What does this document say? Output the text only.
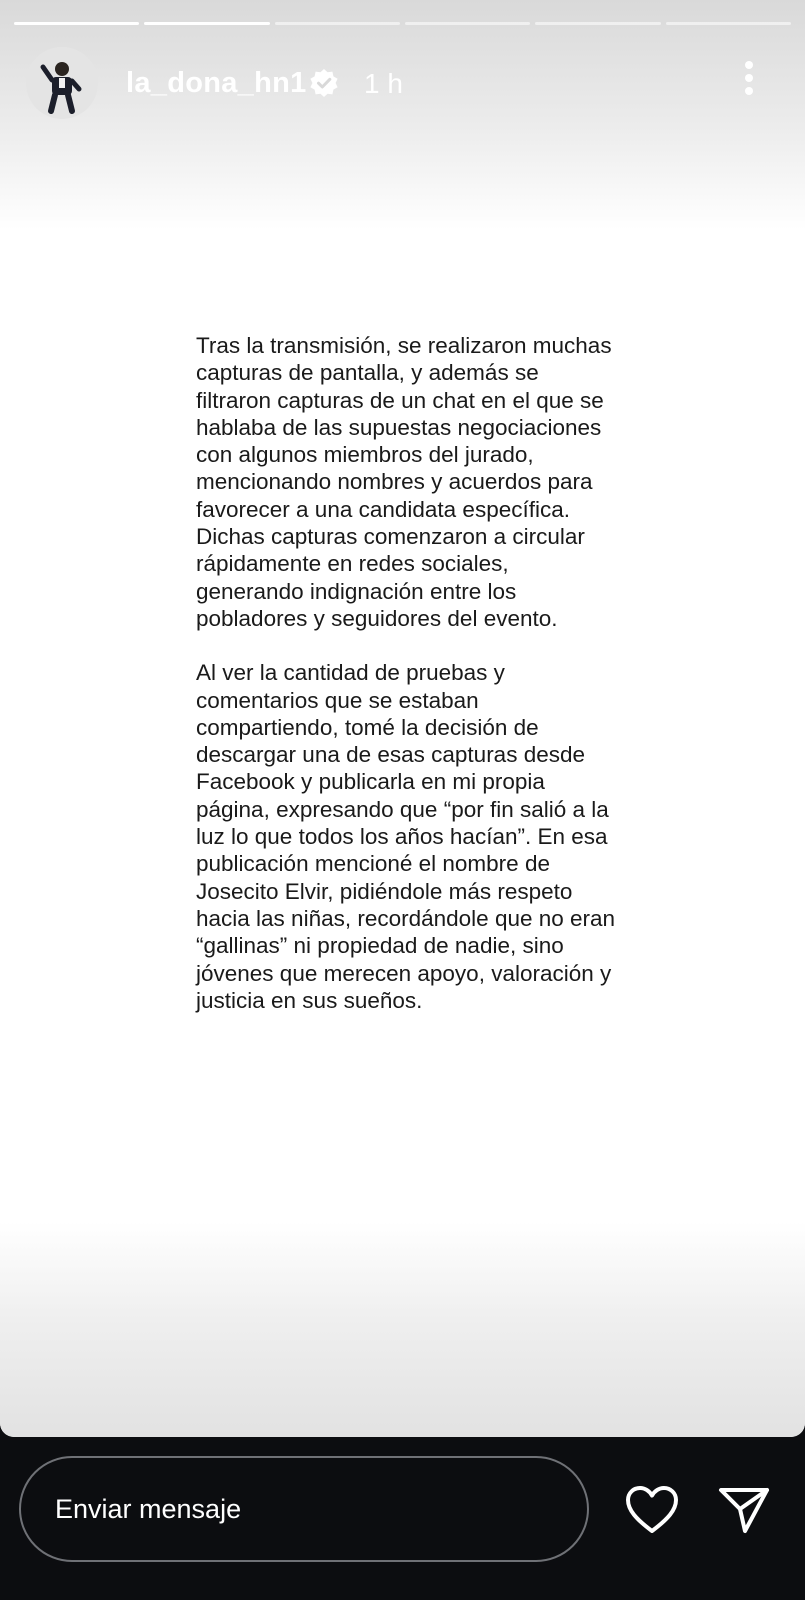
la_dona_hn1 1 h

Tras la transmisión, se realizaron muchas capturas de pantalla, y además se filtraron capturas de un chat en el que se hablaba de las supuestas negociaciones con algunos miembros del jurado, mencionando nombres y acuerdos para favorecer a una candidata específica. Dichas capturas comenzaron a circular rápidamente en redes sociales, generando indignación entre los pobladores y seguidores del evento.

Al ver la cantidad de pruebas y comentarios que se estaban compartiendo, tomé la decisión de descargar una de esas capturas desde Facebook y publicarla en mi propia página, expresando que “por fin salió a la luz lo que todos los años hacían”. En esa publicación mencioné el nombre de Josecito Elvir, pidiéndole más respeto hacia las niñas, recordándole que no eran “gallinas” ni propiedad de nadie, sino jóvenes que merecen apoyo, valoración y justicia en sus sueños.

Enviar mensaje
